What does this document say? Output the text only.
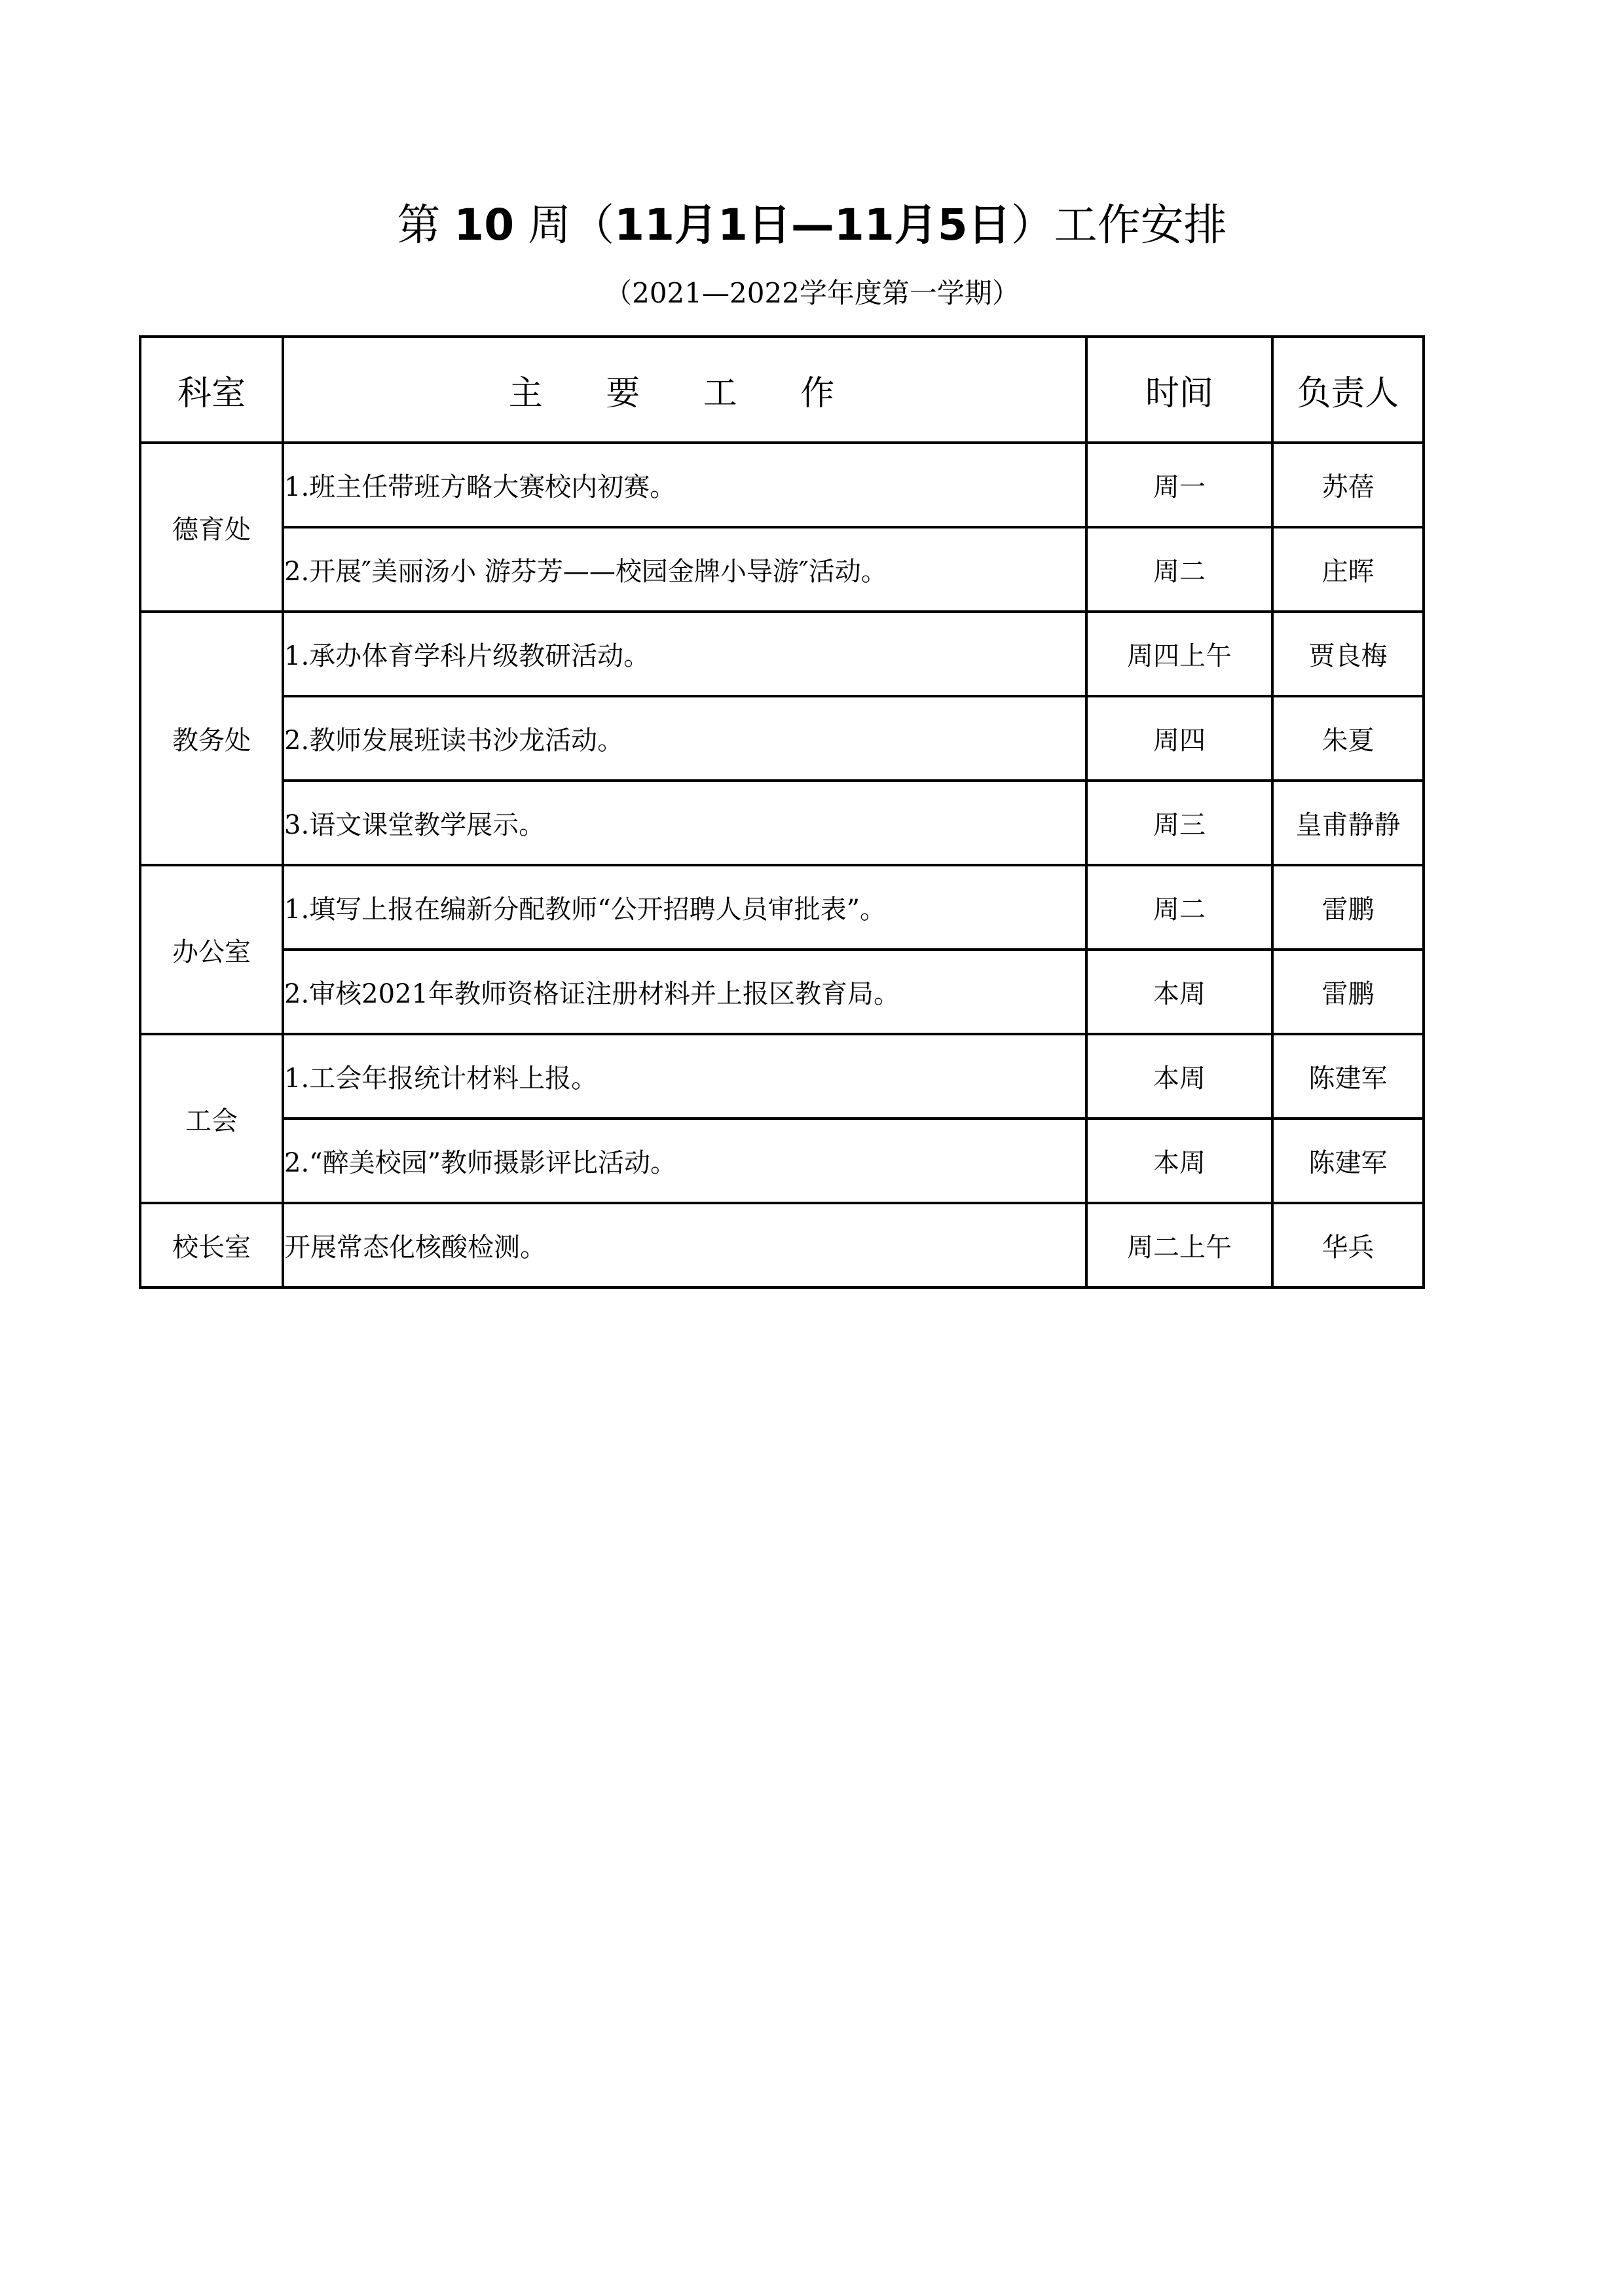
第 10 周（11月1日—11月5日）工作安排
（2021—2022学年度第一学期）
科室	主 要 工 作	时间	负责人
德育处	1.班主任带班方略大赛校内初赛。	周一	苏蓓
	2.开展″美丽汤小 游芬芳——校园金牌小导游″活动。	周二	庄晖
教务处	1.承办体育学科片级教研活动。	周四上午	贾良梅
	2.教师发展班读书沙龙活动。	周四	朱夏
	3.语文课堂教学展示。	周三	皇甫静静
办公室	1.填写上报在编新分配教师“公开招聘人员审批表”。	周二	雷鹏
	2.审核2021年教师资格证注册材料并上报区教育局。	本周	雷鹏
工会	1.工会年报统计材料上报。	本周	陈建军
	2.“醉美校园”教师摄影评比活动。	本周	陈建军
校长室	开展常态化核酸检测。	周二上午	华兵
